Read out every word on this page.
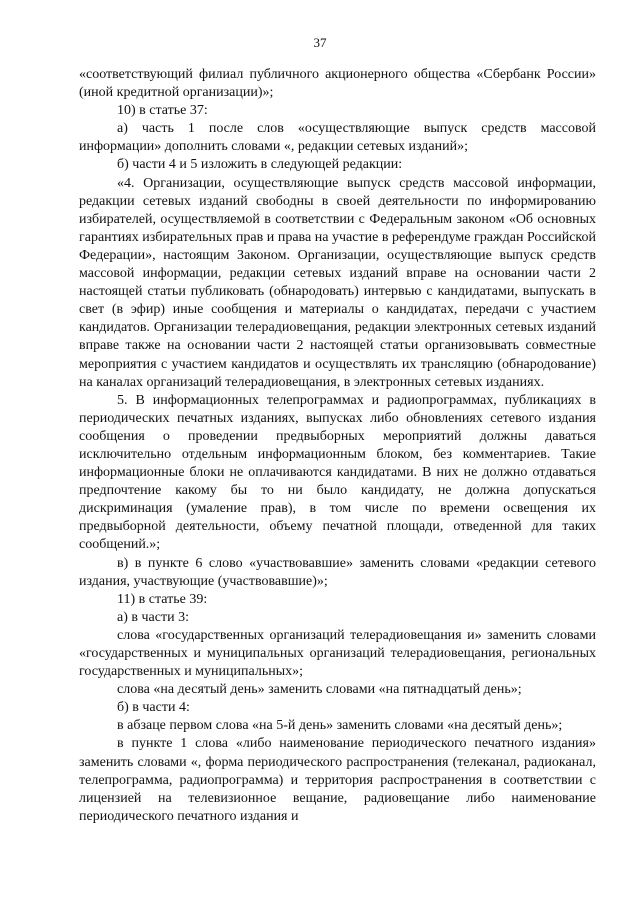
37

«соответствующий филиал публичного акционерного общества «Сбербанк России» (иной кредитной организации)»;

10) в статье 37:

а) часть 1 после слов «осуществляющие выпуск средств массовой информации» дополнить словами «, редакции сетевых изданий»;

б) части 4 и 5 изложить в следующей редакции:

«4. Организации, осуществляющие выпуск средств массовой информации, редакции сетевых изданий свободны в своей деятельности по информированию избирателей, осуществляемой в соответствии с Федеральным законом «Об основных гарантиях избирательных прав и права на участие в референдуме граждан Российской Федерации», настоящим Законом. Организации, осуществляющие выпуск средств массовой информации, редакции сетевых изданий вправе на основании части 2 настоящей статьи публиковать (обнародовать) интервью с кандидатами, выпускать в свет (в эфир) иные сообщения и материалы о кандидатах, передачи с участием кандидатов. Организации телерадиовещания, редакции электронных сетевых изданий вправе также на основании части 2 настоящей статьи организовывать совместные мероприятия с участием кандидатов и осуществлять их трансляцию (обнародование) на каналах организаций телерадиовещания, в электронных сетевых изданиях.

5. В информационных телепрограммах и радиопрограммах, публикациях в периодических печатных изданиях, выпусках либо обновлениях сетевого издания сообщения о проведении предвыборных мероприятий должны даваться исключительно отдельным информационным блоком, без комментариев. Такие информационные блоки не оплачиваются кандидатами. В них не должно отдаваться предпочтение какому бы то ни было кандидату, не должна допускаться дискриминация (умаление прав), в том числе по времени освещения их предвыборной деятельности, объему печатной площади, отведенной для таких сообщений.»;

в) в пункте 6 слово «участвовавшие» заменить словами «редакции сетевого издания, участвующие (участвовавшие)»;

11) в статье 39:

а) в части 3:

слова «государственных организаций телерадиовещания и» заменить словами «государственных и муниципальных организаций телерадиовещания, региональных государственных и муниципальных»;

слова «на десятый день» заменить словами «на пятнадцатый день»;

б) в части 4:

в абзаце первом слова «на 5-й день» заменить словами «на десятый день»;

в пункте 1 слова «либо наименование периодического печатного издания» заменить словами «, форма периодического распространения (телеканал, радиоканал, телепрограмма, радиопрограмма) и территория распространения в соответствии с лицензией на телевизионное вещание, радиовещание либо наименование периодического печатного издания и
